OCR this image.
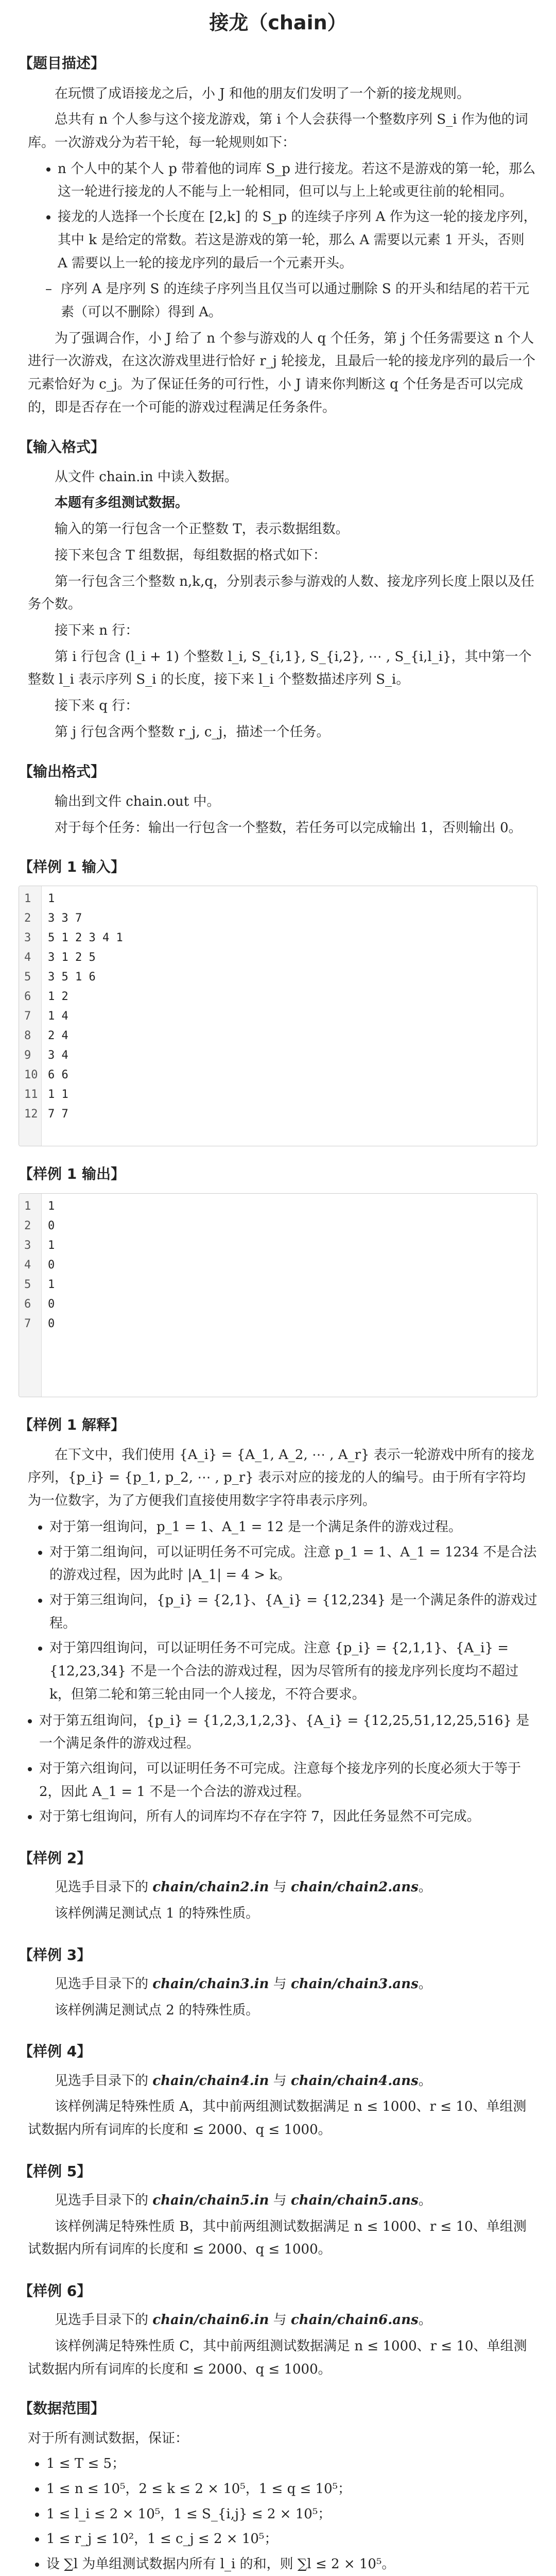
接龙（chain）
【题目描述】

在玩惯了成语接龙之后，小 J 和他的朋友们发明了一个新的接龙规则。

总共有 n 个人参与这个接龙游戏，第 i 个人会获得一个整数序列 S_i 作为他的词库。一次游戏分为若干轮，每一轮规则如下：

• n 个人中的某个人 p 带着他的词库 S_p 进行接龙。若这不是游戏的第一轮，那么这一轮进行接龙的人不能与上一轮相同，但可以与上上轮或更往前的轮相同。
• 接龙的人选择一个长度在 [2,k] 的 S_p 的连续子序列 A 作为这一轮的接龙序列，其中 k 是给定的常数。若这是游戏的第一轮，那么 A 需要以元素 1 开头，否则 A 需要以上一轮的接龙序列的最后一个元素开头。
– 序列 A 是序列 S 的连续子序列当且仅当可以通过删除 S 的开头和结尾的若干元素（可以不删除）得到 A。

为了强调合作，小 J 给了 n 个参与游戏的人 q 个任务，第 j 个任务需要这 n 个人进行一次游戏，在这次游戏里进行恰好 r_j 轮接龙，且最后一轮的接龙序列的最后一个元素恰好为 c_j。为了保证任务的可行性，小 J 请来你判断这 q 个任务是否可以完成的，即是否存在一个可能的游戏过程满足任务条件。

【输入格式】

从文件 chain.in 中读入数据。

本题有多组测试数据。

输入的第一行包含一个正整数 T，表示数据组数。

接下来包含 T 组数据，每组数据的格式如下：

第一行包含三个整数 n,k,q，分别表示参与游戏的人数、接龙序列长度上限以及任务个数。

接下来 n 行：

第 i 行包含 (l_i + 1) 个整数 l_i, S_{i,1}, S_{i,2}, ⋯ , S_{i,l_i}，其中第一个整数 l_i 表示序列 S_i 的长度，接下来 l_i 个整数描述序列 S_i。

接下来 q 行：

第 j 行包含两个整数 r_j, c_j，描述一个任务。

【输出格式】

输出到文件 chain.out 中。

对于每个任务：输出一行包含一个整数，若任务可以完成输出 1，否则输出 0。

【样例 1 输入】
1
2
3
4
5
6
7
8
9
10
11
12
1
3 3 7
5 1 2 3 4 1
3 1 2 5
3 5 1 6
1 2
1 4
2 4
3 4
6 6
1 1
7 7
【样例 1 输出】
1
2
3
4
5
6
7
1
0
1
0
1
0
0
【样例 1 解释】

在下文中，我们使用 {A_i} = {A_1, A_2, ⋯ , A_r} 表示一轮游戏中所有的接龙序列，{p_i} = {p_1, p_2, ⋯ , p_r} 表示对应的接龙的人的编号。由于所有字符均为一位数字，为了方便我们直接使用数字字符串表示序列。

• 对于第一组询问，p_1 = 1、A_1 = 12 是一个满足条件的游戏过程。
• 对于第二组询问，可以证明任务不可完成。注意 p_1 = 1、A_1 = 1234 不是合法的游戏过程，因为此时 |A_1| = 4 > k。
• 对于第三组询问，{p_i} = {2,1}、{A_i} = {12,234} 是一个满足条件的游戏过程。
• 对于第四组询问，可以证明任务不可完成。注意 {p_i} = {2,1,1}、{A_i} = {12,23,34} 不是一个合法的游戏过程，因为尽管所有的接龙序列长度均不超过 k，但第二轮和第三轮由同一个人接龙，不符合要求。
• 对于第五组询问，{p_i} = {1,2,3,1,2,3}、{A_i} = {12,25,51,12,25,516} 是一个满足条件的游戏过程。
• 对于第六组询问，可以证明任务不可完成。注意每个接龙序列的长度必须大于等于 2，因此 A_1 = 1 不是一个合法的游戏过程。
• 对于第七组询问，所有人的词库均不存在字符 7，因此任务显然不可完成。
【样例 2】

见选手目录下的 chain/chain2.in 与 chain/chain2.ans。

该样例满足测试点 1 的特殊性质。

【样例 3】

见选手目录下的 chain/chain3.in 与 chain/chain3.ans。

该样例满足测试点 2 的特殊性质。

【样例 4】

见选手目录下的 chain/chain4.in 与 chain/chain4.ans。

该样例满足特殊性质 A，其中前两组测试数据满足 n ≤ 1000、r ≤ 10、单组测试数据内所有词库的长度和 ≤ 2000、q ≤ 1000。

【样例 5】

见选手目录下的 chain/chain5.in 与 chain/chain5.ans。

该样例满足特殊性质 B，其中前两组测试数据满足 n ≤ 1000、r ≤ 10、单组测试数据内所有词库的长度和 ≤ 2000、q ≤ 1000。

【样例 6】

见选手目录下的 chain/chain6.in 与 chain/chain6.ans。

该样例满足特殊性质 C，其中前两组测试数据满足 n ≤ 1000、r ≤ 10、单组测试数据内所有词库的长度和 ≤ 2000、q ≤ 1000。

【数据范围】

对于所有测试数据，保证：

• 1 ≤ T ≤ 5；
• 1 ≤ n ≤ 10⁵，2 ≤ k ≤ 2 × 10⁵，1 ≤ q ≤ 10⁵；
• 1 ≤ l_i ≤ 2 × 10⁵，1 ≤ S_{i,j} ≤ 2 × 10⁵；
• 1 ≤ r_j ≤ 10²，1 ≤ c_j ≤ 2 × 10⁵；
• 设 ∑l 为单组测试数据内所有 l_i 的和，则 ∑l ≤ 2 × 10⁵。
